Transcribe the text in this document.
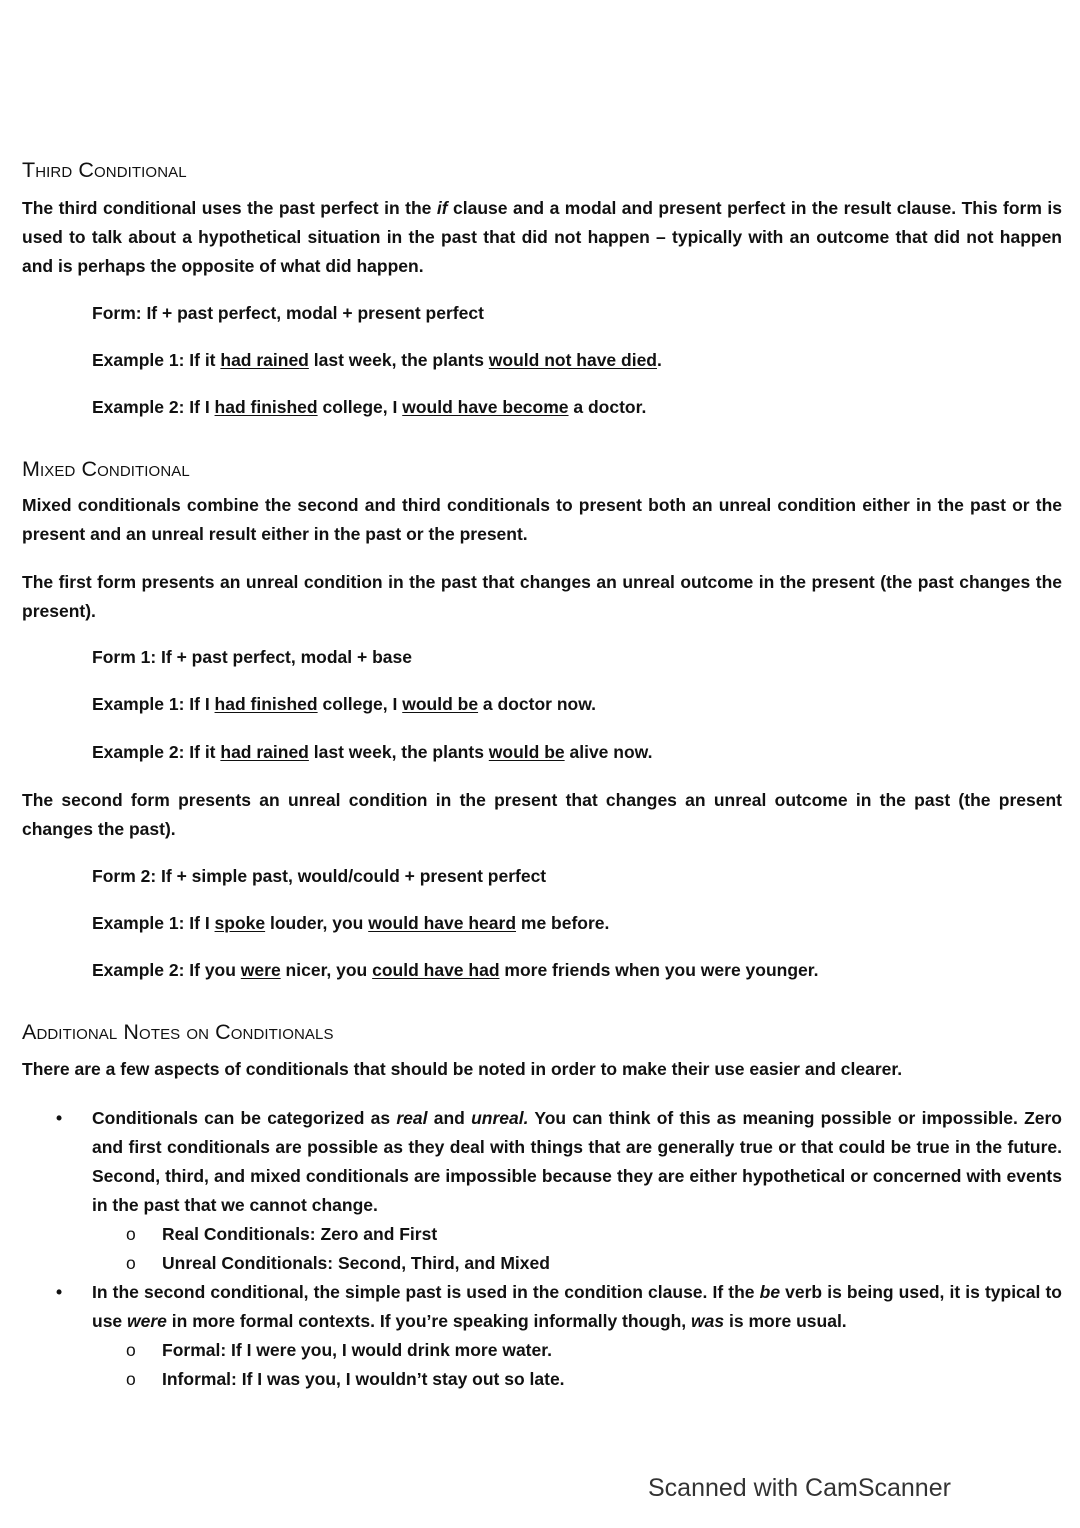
Third Conditional
The third conditional uses the past perfect in the if clause and a modal and present perfect in the result clause. This form is used to talk about a hypothetical situation in the past that did not happen – typically with an outcome that did not happen and is perhaps the opposite of what did happen.
Form: If + past perfect, modal + present perfect
Example 1: If it had rained last week, the plants would not have died.
Example 2: If I had finished college, I would have become a doctor.
Mixed Conditional
Mixed conditionals combine the second and third conditionals to present both an unreal condition either in the past or the present and an unreal result either in the past or the present.
The first form presents an unreal condition in the past that changes an unreal outcome in the present (the past changes the present).
Form 1: If + past perfect, modal + base
Example 1: If I had finished college, I would be a doctor now.
Example 2: If it had rained last week, the plants would be alive now.
The second form presents an unreal condition in the present that changes an unreal outcome in the past (the present changes the past).
Form 2: If + simple past, would/could + present perfect
Example 1: If I spoke louder, you would have heard me before.
Example 2: If you were nicer, you could have had more friends when you were younger.
Additional Notes on Conditionals
There are a few aspects of conditionals that should be noted in order to make their use easier and clearer.
• Conditionals can be categorized as real and unreal. You can think of this as meaning possible or impossible. Zero and first conditionals are possible as they deal with things that are generally true or that could be true in the future. Second, third, and mixed conditionals are impossible because they are either hypothetical or concerned with events in the past that we cannot change.
o Real Conditionals: Zero and First
o Unreal Conditionals: Second, Third, and Mixed
• In the second conditional, the simple past is used in the condition clause. If the be verb is being used, it is typical to use were in more formal contexts. If you’re speaking informally though, was is more usual.
o Formal: If I were you, I would drink more water.
o Informal: If I was you, I wouldn’t stay out so late.
Scanned with CamScanner
